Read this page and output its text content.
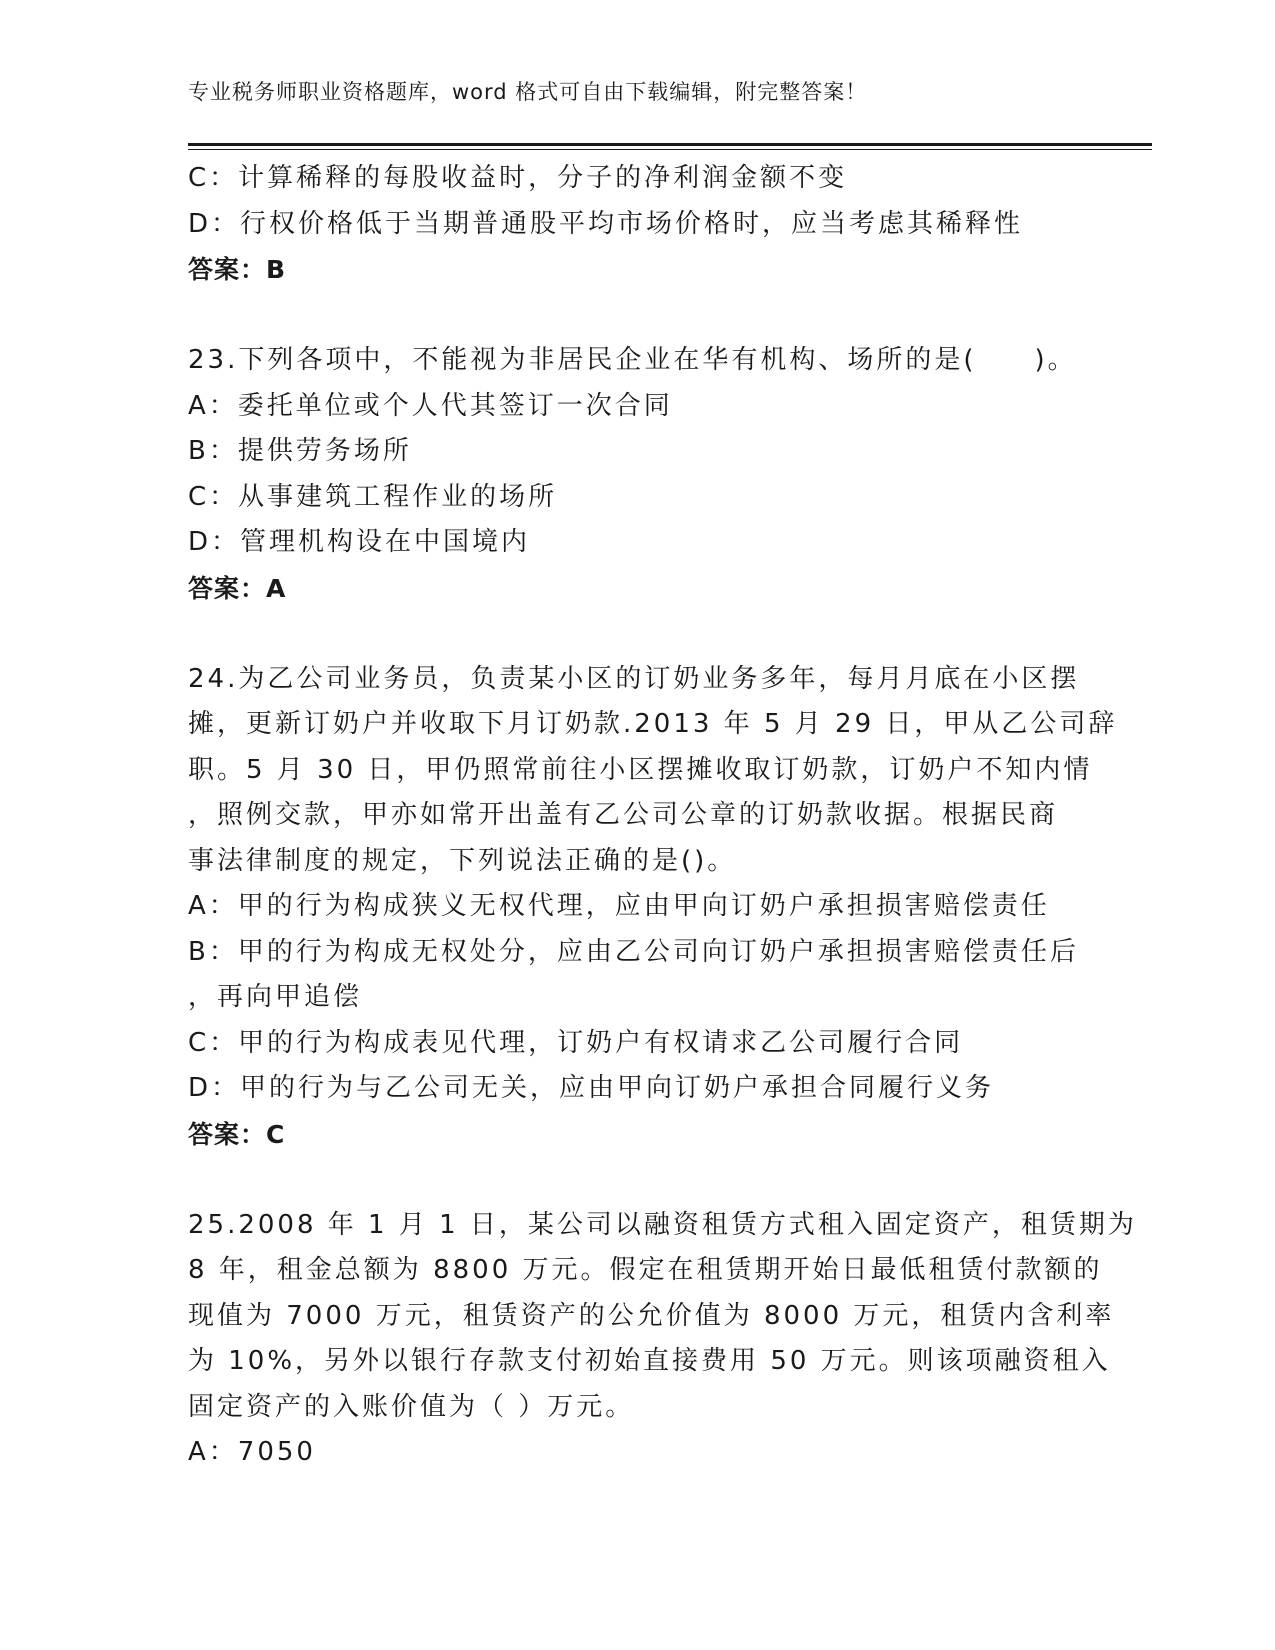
专业税务师职业资格题库，word 格式可自由下载编辑，附完整答案！
C：计算稀释的每股收益时，分子的净利润金额不变
D：行权价格低于当期普通股平均市场价格时，应当考虑其稀释性
答案：B
23.下列各项中，不能视为非居民企业在华有机构、场所的是(　　)。
A：委托单位或个人代其签订一次合同
B：提供劳务场所
C：从事建筑工程作业的场所
D：管理机构设在中国境内
答案：A
24.为乙公司业务员，负责某小区的订奶业务多年，每月月底在小区摆
摊，更新订奶户并收取下月订奶款.2013 年 5 月 29 日，甲从乙公司辞
职。5 月 30 日，甲仍照常前往小区摆摊收取订奶款，订奶户不知内情
，照例交款，甲亦如常开出盖有乙公司公章的订奶款收据。根据民商
事法律制度的规定，下列说法正确的是()。
A：甲的行为构成狭义无权代理，应由甲向订奶户承担损害赔偿责任
B：甲的行为构成无权处分，应由乙公司向订奶户承担损害赔偿责任后
，再向甲追偿
C：甲的行为构成表见代理，订奶户有权请求乙公司履行合同
D：甲的行为与乙公司无关，应由甲向订奶户承担合同履行义务
答案：C
25.2008 年 1 月 1 日，某公司以融资租赁方式租入固定资产，租赁期为
8 年，租金总额为 8800 万元。假定在租赁期开始日最低租赁付款额的
现值为 7000 万元，租赁资产的公允价值为 8000 万元，租赁内含利率
为 10%，另外以银行存款支付初始直接费用 50 万元。则该项融资租入
固定资产的入账价值为（ ）万元。
A：7050
